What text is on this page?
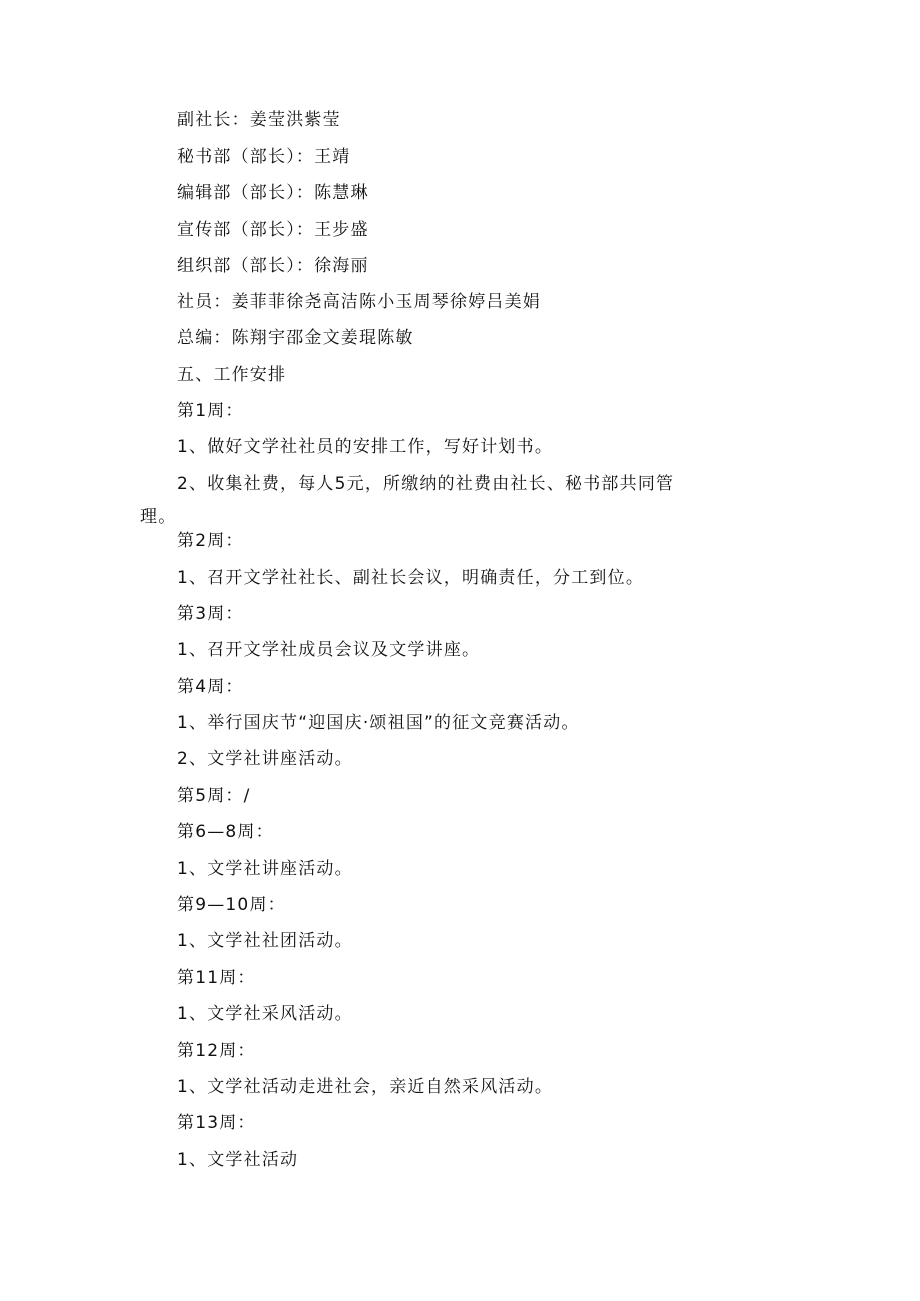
副社长：姜莹洪紫莹
秘书部（部长）：王靖
编辑部（部长）：陈慧琳
宣传部（部长）：王步盛
组织部（部长）：徐海丽
社员：姜菲菲徐尧高洁陈小玉周琴徐婷吕美娟
总编：陈翔宇邵金文姜琨陈敏
五、工作安排
第1周：
1、做好文学社社员的安排工作，写好计划书。
2、收集社费，每人5元，所缴纳的社费由社长、秘书部共同管
理。
第2周：
1、召开文学社社长、副社长会议，明确责任，分工到位。
第3周：
1、召开文学社成员会议及文学讲座。
第4周：
1、举行国庆节“迎国庆·颂祖国”的征文竞赛活动。
2、文学社讲座活动。
第5周：/
第6—8周：
1、文学社讲座活动。
第9—10周：
1、文学社社团活动。
第11周：
1、文学社采风活动。
第12周：
1、文学社活动走进社会，亲近自然采风活动。
第13周：
1、文学社活动
